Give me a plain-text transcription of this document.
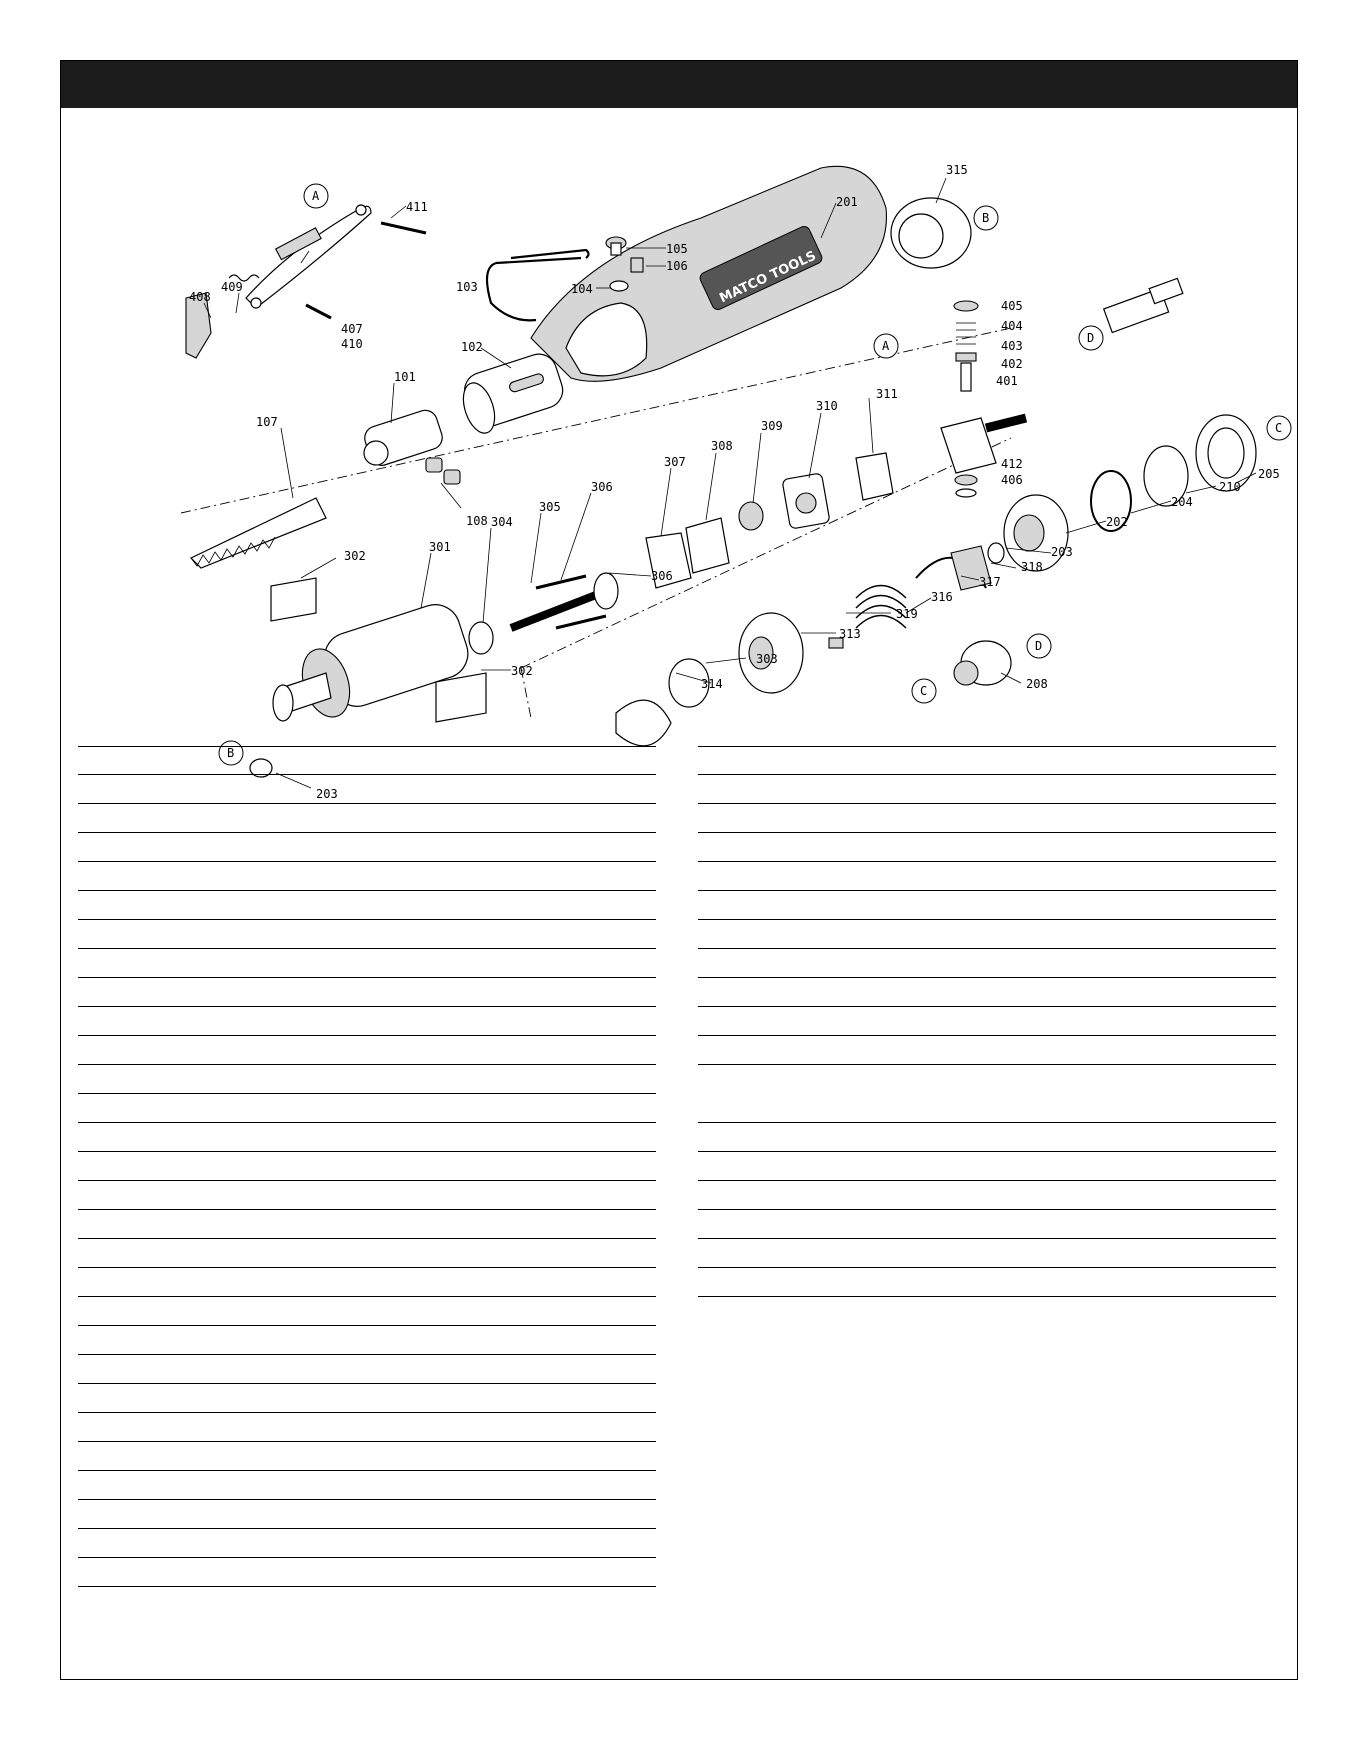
MATCO TOOLS
408
409
407
410
411
103
105
106
104
201
315
102
101
107
108
405
404
403
402
401
412
406
311
310
309
308
307
306
306
305
304
301
302
302
203
314
303
313
319
316
317
318
203
202
204
210
205
208
A
A
B
B
C
C
D
D
